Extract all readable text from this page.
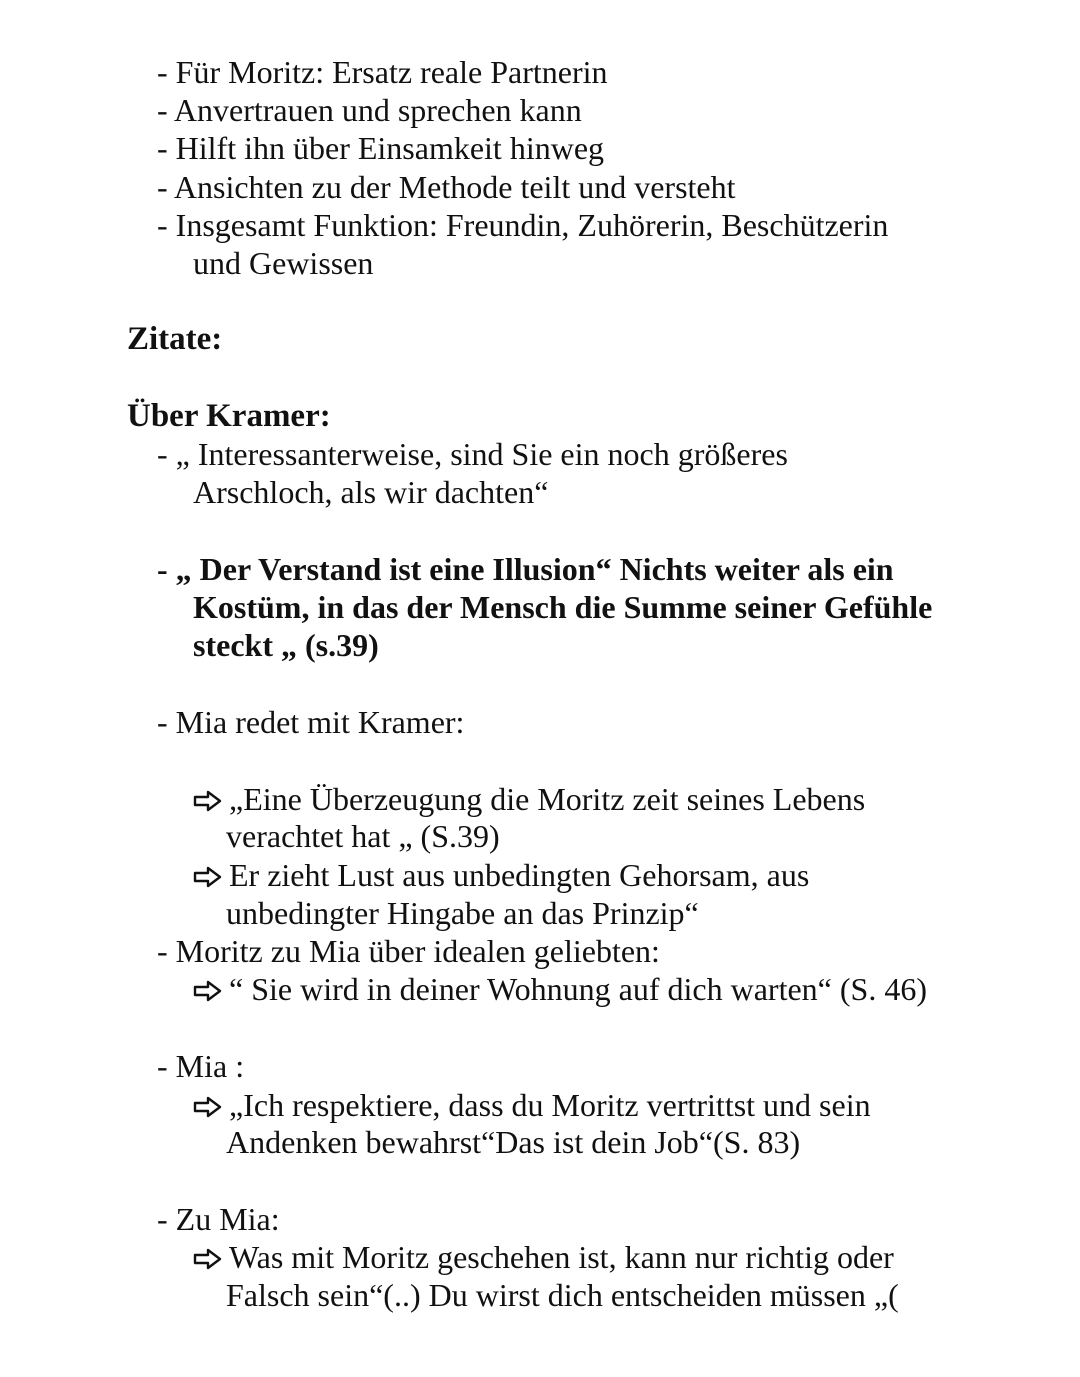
- Für Moritz: Ersatz reale Partnerin
- Anvertrauen und sprechen kann
- Hilft ihn über Einsamkeit hinweg
- Ansichten zu der Methode teilt und versteht
- Insgesamt Funktion: Freundin, Zuhörerin, Beschützerin
und Gewissen
Zitate:
Über Kramer:
- „ Interessanterweise, sind Sie ein noch größeres
Arschloch, als wir dachten“
- „ Der Verstand ist eine Illusion“ Nichts weiter als ein
Kostüm, in das der Mensch die Summe seiner Gefühle
steckt „ (s.39)
- Mia redet mit Kramer:
„Eine Überzeugung die Moritz zeit seines Lebens
verachtet hat „ (S.39)
Er zieht Lust aus unbedingten Gehorsam, aus
unbedingter Hingabe an das Prinzip“
- Moritz zu Mia über idealen geliebten:
“ Sie wird in deiner Wohnung auf dich warten“ (S. 46)
- Mia :
„Ich respektiere, dass du Moritz vertrittst und sein
Andenken bewahrst“Das ist dein Job“(S. 83)
- Zu Mia:
Was mit Moritz geschehen ist, kann nur richtig oder
Falsch sein“(..) Du wirst dich entscheiden müssen „(
